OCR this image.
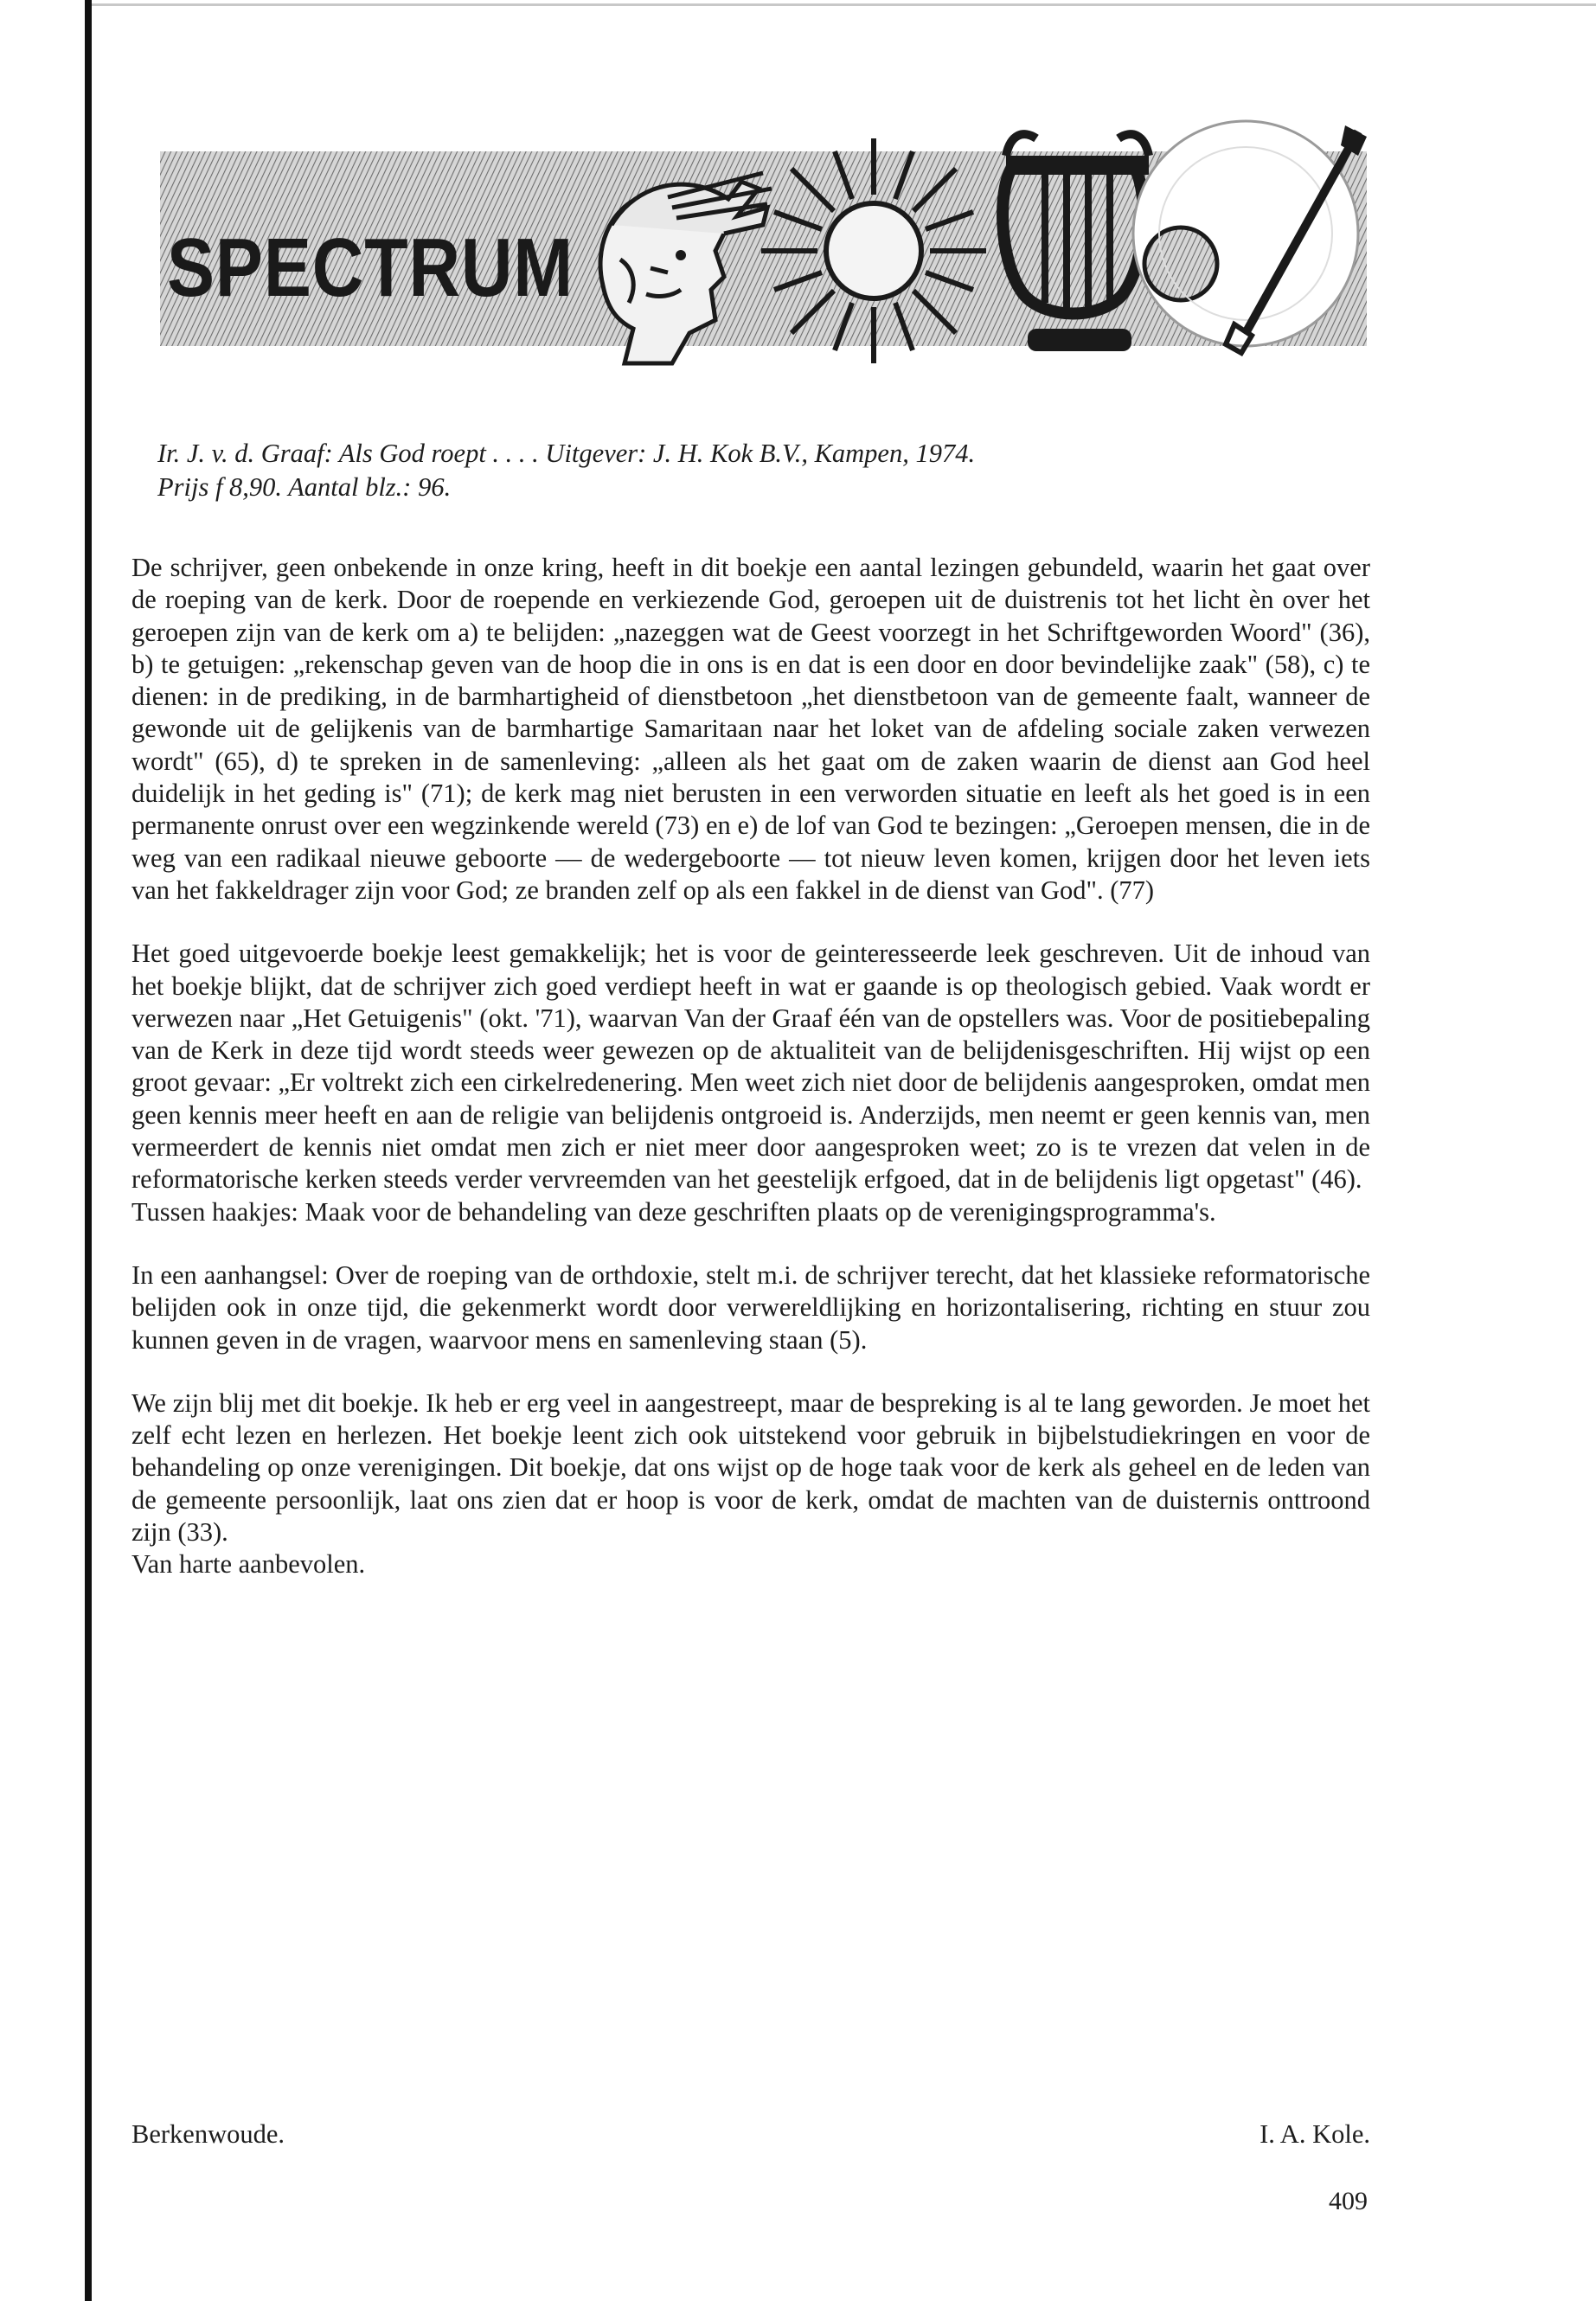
SPECTRUM
Ir. J. v. d. Graaf: Als God roept . . . . Uitgever: J. H. Kok B.V., Kampen, 1974.
Prijs f 8,90. Aantal blz.: 96.

De schrijver, geen onbekende in onze kring, heeft in dit boekje een aantal lezingen gebundeld, waarin het gaat over de roeping van de kerk. Door de roepende en verkiezende God, geroepen uit de duistrenis tot het licht èn over het geroepen zijn van de kerk om a) te belijden: „nazeggen wat de Geest voorzegt in het Schriftgeworden Woord" (36), b) te getuigen: „rekenschap geven van de hoop die in ons is en dat is een door en door bevindelijke zaak" (58), c) te dienen: in de prediking, in de barmhartigheid of dienstbetoon „het dienstbetoon van de gemeente faalt, wanneer de gewonde uit de gelijkenis van de barmhartige Samaritaan naar het loket van de afdeling sociale zaken verwezen wordt" (65), d) te spreken in de samenleving: „alleen als het gaat om de zaken waarin de dienst aan God heel duidelijk in het geding is" (71); de kerk mag niet berusten in een verworden situatie en leeft als het goed is in een permanente onrust over een wegzinkende wereld (73) en e) de lof van God te bezingen: „Geroepen mensen, die in de weg van een radikaal nieuwe geboorte — de wedergeboorte — tot nieuw leven komen, krijgen door het leven iets van het fakkeldrager zijn voor God; ze branden zelf op als een fakkel in de dienst van God". (77)

Het goed uitgevoerde boekje leest gemakkelijk; het is voor de geinteresseerde leek geschreven. Uit de inhoud van het boekje blijkt, dat de schrijver zich goed verdiept heeft in wat er gaande is op theologisch gebied. Vaak wordt er verwezen naar „Het Getuigenis" (okt. '71), waarvan Van der Graaf één van de opstellers was. Voor de positiebepaling van de Kerk in deze tijd wordt steeds weer gewezen op de aktualiteit van de belijdenisgeschriften. Hij wijst op een groot gevaar: „Er voltrekt zich een cirkelredenering. Men weet zich niet door de belijdenis aangesproken, omdat men geen kennis meer heeft en aan de religie van belijdenis ontgroeid is. Anderzijds, men neemt er geen kennis van, men vermeerdert de kennis niet omdat men zich er niet meer door aangesproken weet; zo is te vrezen dat velen in de reformatorische kerken steeds verder vervreemden van het geestelijk erfgoed, dat in de belijdenis ligt opgetast" (46).

Tussen haakjes: Maak voor de behandeling van deze geschriften plaats op de verenigingsprogramma's.

In een aanhangsel: Over de roeping van de orthdoxie, stelt m.i. de schrijver terecht, dat het klassieke reformatorische belijden ook in onze tijd, die gekenmerkt wordt door verwereldlijking en horizontalisering, richting en stuur zou kunnen geven in de vragen, waarvoor mens en samenleving staan (5).

We zijn blij met dit boekje. Ik heb er erg veel in aangestreept, maar de bespreking is al te lang geworden. Je moet het zelf echt lezen en herlezen. Het boekje leent zich ook uitstekend voor gebruik in bijbelstudiekringen en voor de behandeling op onze verenigingen. Dit boekje, dat ons wijst op de hoge taak voor de kerk als geheel en de leden van de gemeente persoonlijk, laat ons zien dat er hoop is voor de kerk, omdat de machten van de duisternis onttroond zijn (33).

Van harte aanbevolen.

Berkenwoude.	I. A. Kole.
409
